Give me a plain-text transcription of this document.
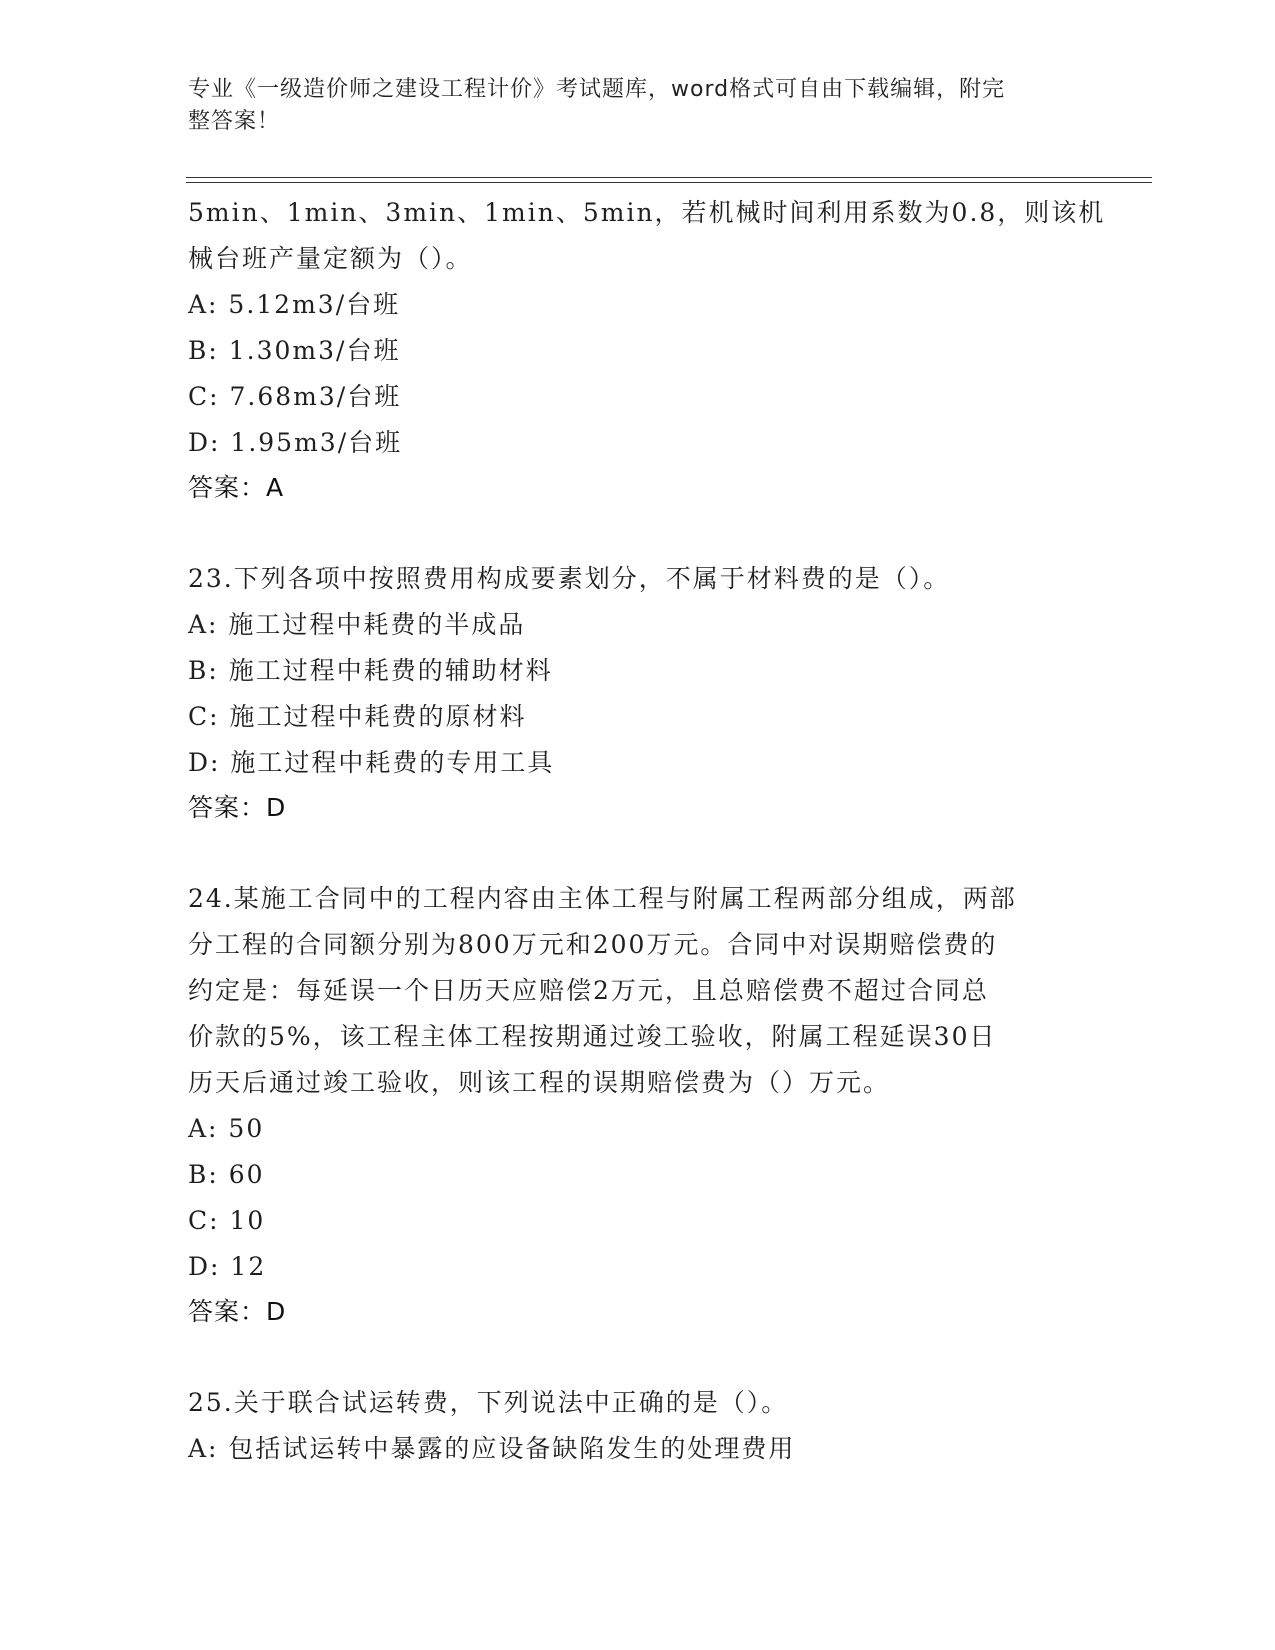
专业《一级造价师之建设工程计价》考试题库，word格式可自由下载编辑，附完
整答案！
5min、1min、3min、1min、5min，若机械时间利用系数为0.8，则该机
械台班产量定额为（）。
A: 5.12m3/台班
B: 1.30m3/台班
C: 7.68m3/台班
D: 1.95m3/台班
答案：A
23.下列各项中按照费用构成要素划分，不属于材料费的是（）。
A: 施工过程中耗费的半成品
B: 施工过程中耗费的辅助材料
C: 施工过程中耗费的原材料
D: 施工过程中耗费的专用工具
答案：D
24.某施工合同中的工程内容由主体工程与附属工程两部分组成，两部
分工程的合同额分别为800万元和200万元。合同中对误期赔偿费的
约定是：每延误一个日历天应赔偿2万元，且总赔偿费不超过合同总
价款的5%，该工程主体工程按期通过竣工验收，附属工程延误30日
历天后通过竣工验收，则该工程的误期赔偿费为（）万元。
A: 50
B: 60
C: 10
D: 12
答案：D
25.关于联合试运转费，下列说法中正确的是（）。
A: 包括试运转中暴露的应设备缺陷发生的处理费用
